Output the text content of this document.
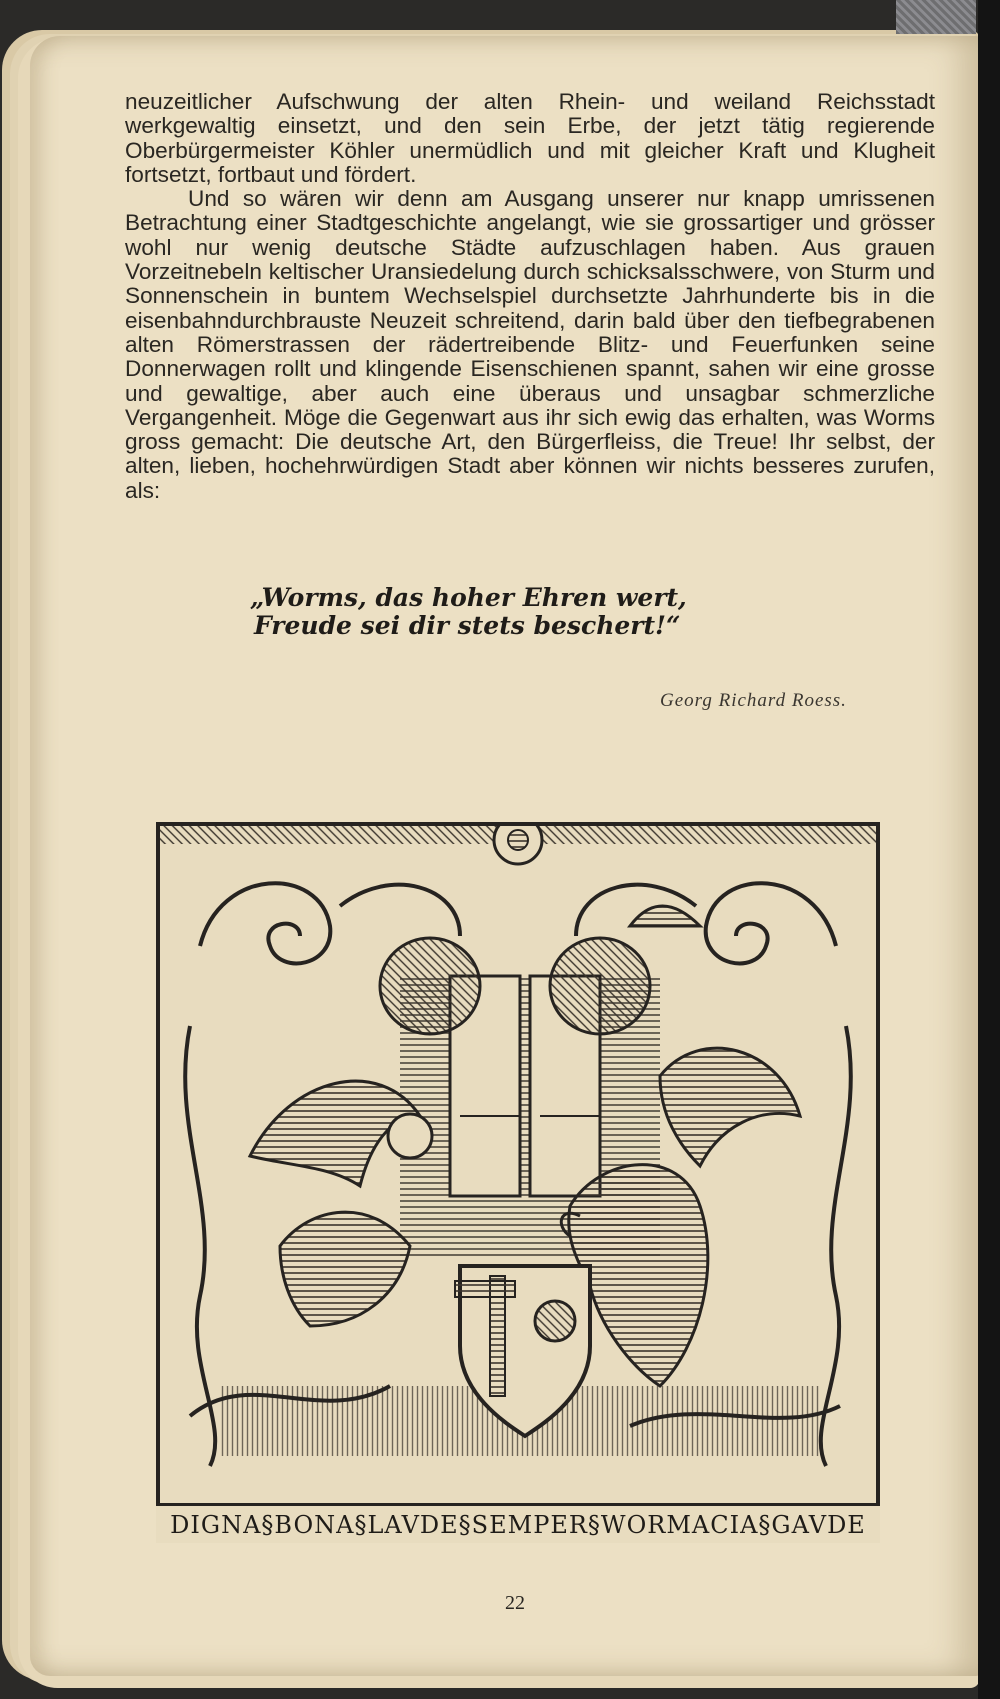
neuzeitlicher Aufschwung der alten Rhein- und weiland Reichsstadt werkgewaltig einsetzt, und den sein Erbe, der jetzt tätig regierende Oberbürgermeister Köhler unermüdlich und mit gleicher Kraft und Klugheit fortsetzt, fortbaut und fördert.

Und so wären wir denn am Ausgang unserer nur knapp umrissenen Betrachtung einer Stadtgeschichte angelangt, wie sie grossartiger und grösser wohl nur wenig deutsche Städte aufzuschlagen haben. Aus grauen Vorzeitnebeln keltischer Uransiedelung durch schicksalsschwere, von Sturm und Sonnenschein in buntem Wechselspiel durchsetzte Jahrhunderte bis in die eisenbahndurchbrauste Neuzeit schreitend, darin bald über den tiefbegrabenen alten Römerstrassen der rädertreibende Blitz- und Feuerfunken seine Donnerwagen rollt und klingende Eisenschienen spannt, sahen wir eine grosse und gewaltige, aber auch eine überaus und unsagbar schmerzliche Vergangenheit. Möge die Gegenwart aus ihr sich ewig das erhalten, was Worms gross gemacht: Die deutsche Art, den Bürgerfleiss, die Treue! Ihr selbst, der alten, lieben, hochehrwürdigen Stadt aber können wir nichts besseres zurufen, als:

„Worms, das hoher Ehren wert,
Freude sei dir stets beschert!“
Georg Richard Roess.
DIGNA§BONA§LAVDE§SEMPER§WORMACIA§GAVDE
22
